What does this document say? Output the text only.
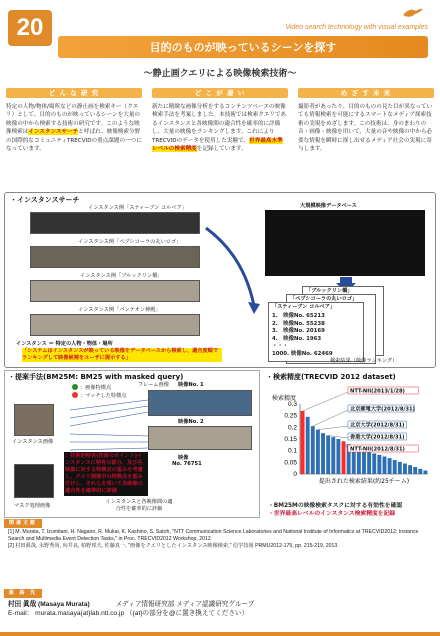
20	Video search technology with visual examples
目的のものが映っているシーンを探す
～静止画クエリによる映像検索技術～
ど ん な 研 究
特定の人物/物体/場所などの静止画を検索キー（クエリ）として、目的のものが映っているシーンを大量の映像の中から検索する技術の研究です。このような映像検索はインスタンスサーチと呼ばれ、映像検索分野の国際的なコミュニティTRECVIDの重点課題の一つになっています。
ど こ が 凄 い
新たに精緻な画像分析をするコンテンツベースの映像検索手法を考案しました。本技術では検索クエリであるインスタンスと各映像間の適合性を確率的に評価し、大量の映像をランキングします。これによりTRECVIDのデータを使用した実験で、世界最高水準レベルの検索精度を記録しています。
め ざ す 未 来
撮影者があったり、目的のものの見た目が異なっていても情報検索を可能にするスマートなメディア探索技術の実現をめざします。この技術は、身のまわりの音・画像・映像を用いて、大量の音や映像の中から必要な情報を瞬時に探し出せるメディア社会の実現に寄与します。
・インスタンスサーチ
インスタンス例「スティーブン コルベア」
インスタンス例「ペプシコーラの丸いロゴ」
インスタンス例「ブルックリン橋」
インスタンス例「パンテオン神殿」
インスタンス ＝ 特定の人物・物体・場所
「システムはインスタンスが映っている映像をデータベースから検索し、適合度順でランキングして映像候補をユーザに提示する」
大規模映像データベース
「ブルックリン橋」
「ペプシコーラの丸いロゴ」
「スティーブン コルベア」
1.　映像No. 65213
2.　映像No. 55238
3.　映像No. 20169
4.　映像No. 1963
・・・
1000. 映像No. 62469
検索結果（映像ランキング）
・提案手法(BM25M: BM25 with masked query)
：画像特徴点
：マッチした特徴点
フレーム画像 映像No. 1
映像No. 2
映像
No. 76751
インスタンス画像
マスク処理画像
：技術的特長(技術のポイント)インスタンスに特有の部分、及び各映像に対する特徴点の重みを考慮し、クエリ画像中の特徴点を重み付けし、それらを用いて各映像の適合性を確率的に評価
インスタンスと各映像間の適合性を確率的に評価
・検索精度(TRECVID 2012 dataset)
0.3
0.25
0.2
0.15
0.1
0.05
0
検索精度
提出された検索結果(約25チーム)
NTT-NII(2013/1/28)
北京郵電大学(2012/8/31)
北京大学(2012/8/31)
香港大学(2012/8/31)
NTT-NII(2012/8/31)
・BM25Mの映像検索タスクに対する有効性を確認
・世界最高レベルのインスタンス検索精度を記録
関連文献
[1] M. Murata, T. Izumitani, H. Nagano, R. Mukai, K. Kashino, S. Satoh, "NTT Communication Science Laboratories and National Institute of Informatics at TRECVID2012: Instance Search and Multimedia Event Detection Tasks," in Proc. TRECVID2012 Workshop, 2012.
[2] 村田眞哉, 永野秀尚, 向井良, 柏野邦夫, 佐藤真一, "画像をクエリとしたインスタンス映像検索," 信学技報 PRMU2012-175, pp. 215-219, 2013.
連 絡 先
村田 眞哉 (Masaya Murata)	メディア情報研究部 メディア認識研究グループ
E-mail： murata.masaya{at}lab.ntt.co.jp （{at}の部分を@に置き換えてください）
